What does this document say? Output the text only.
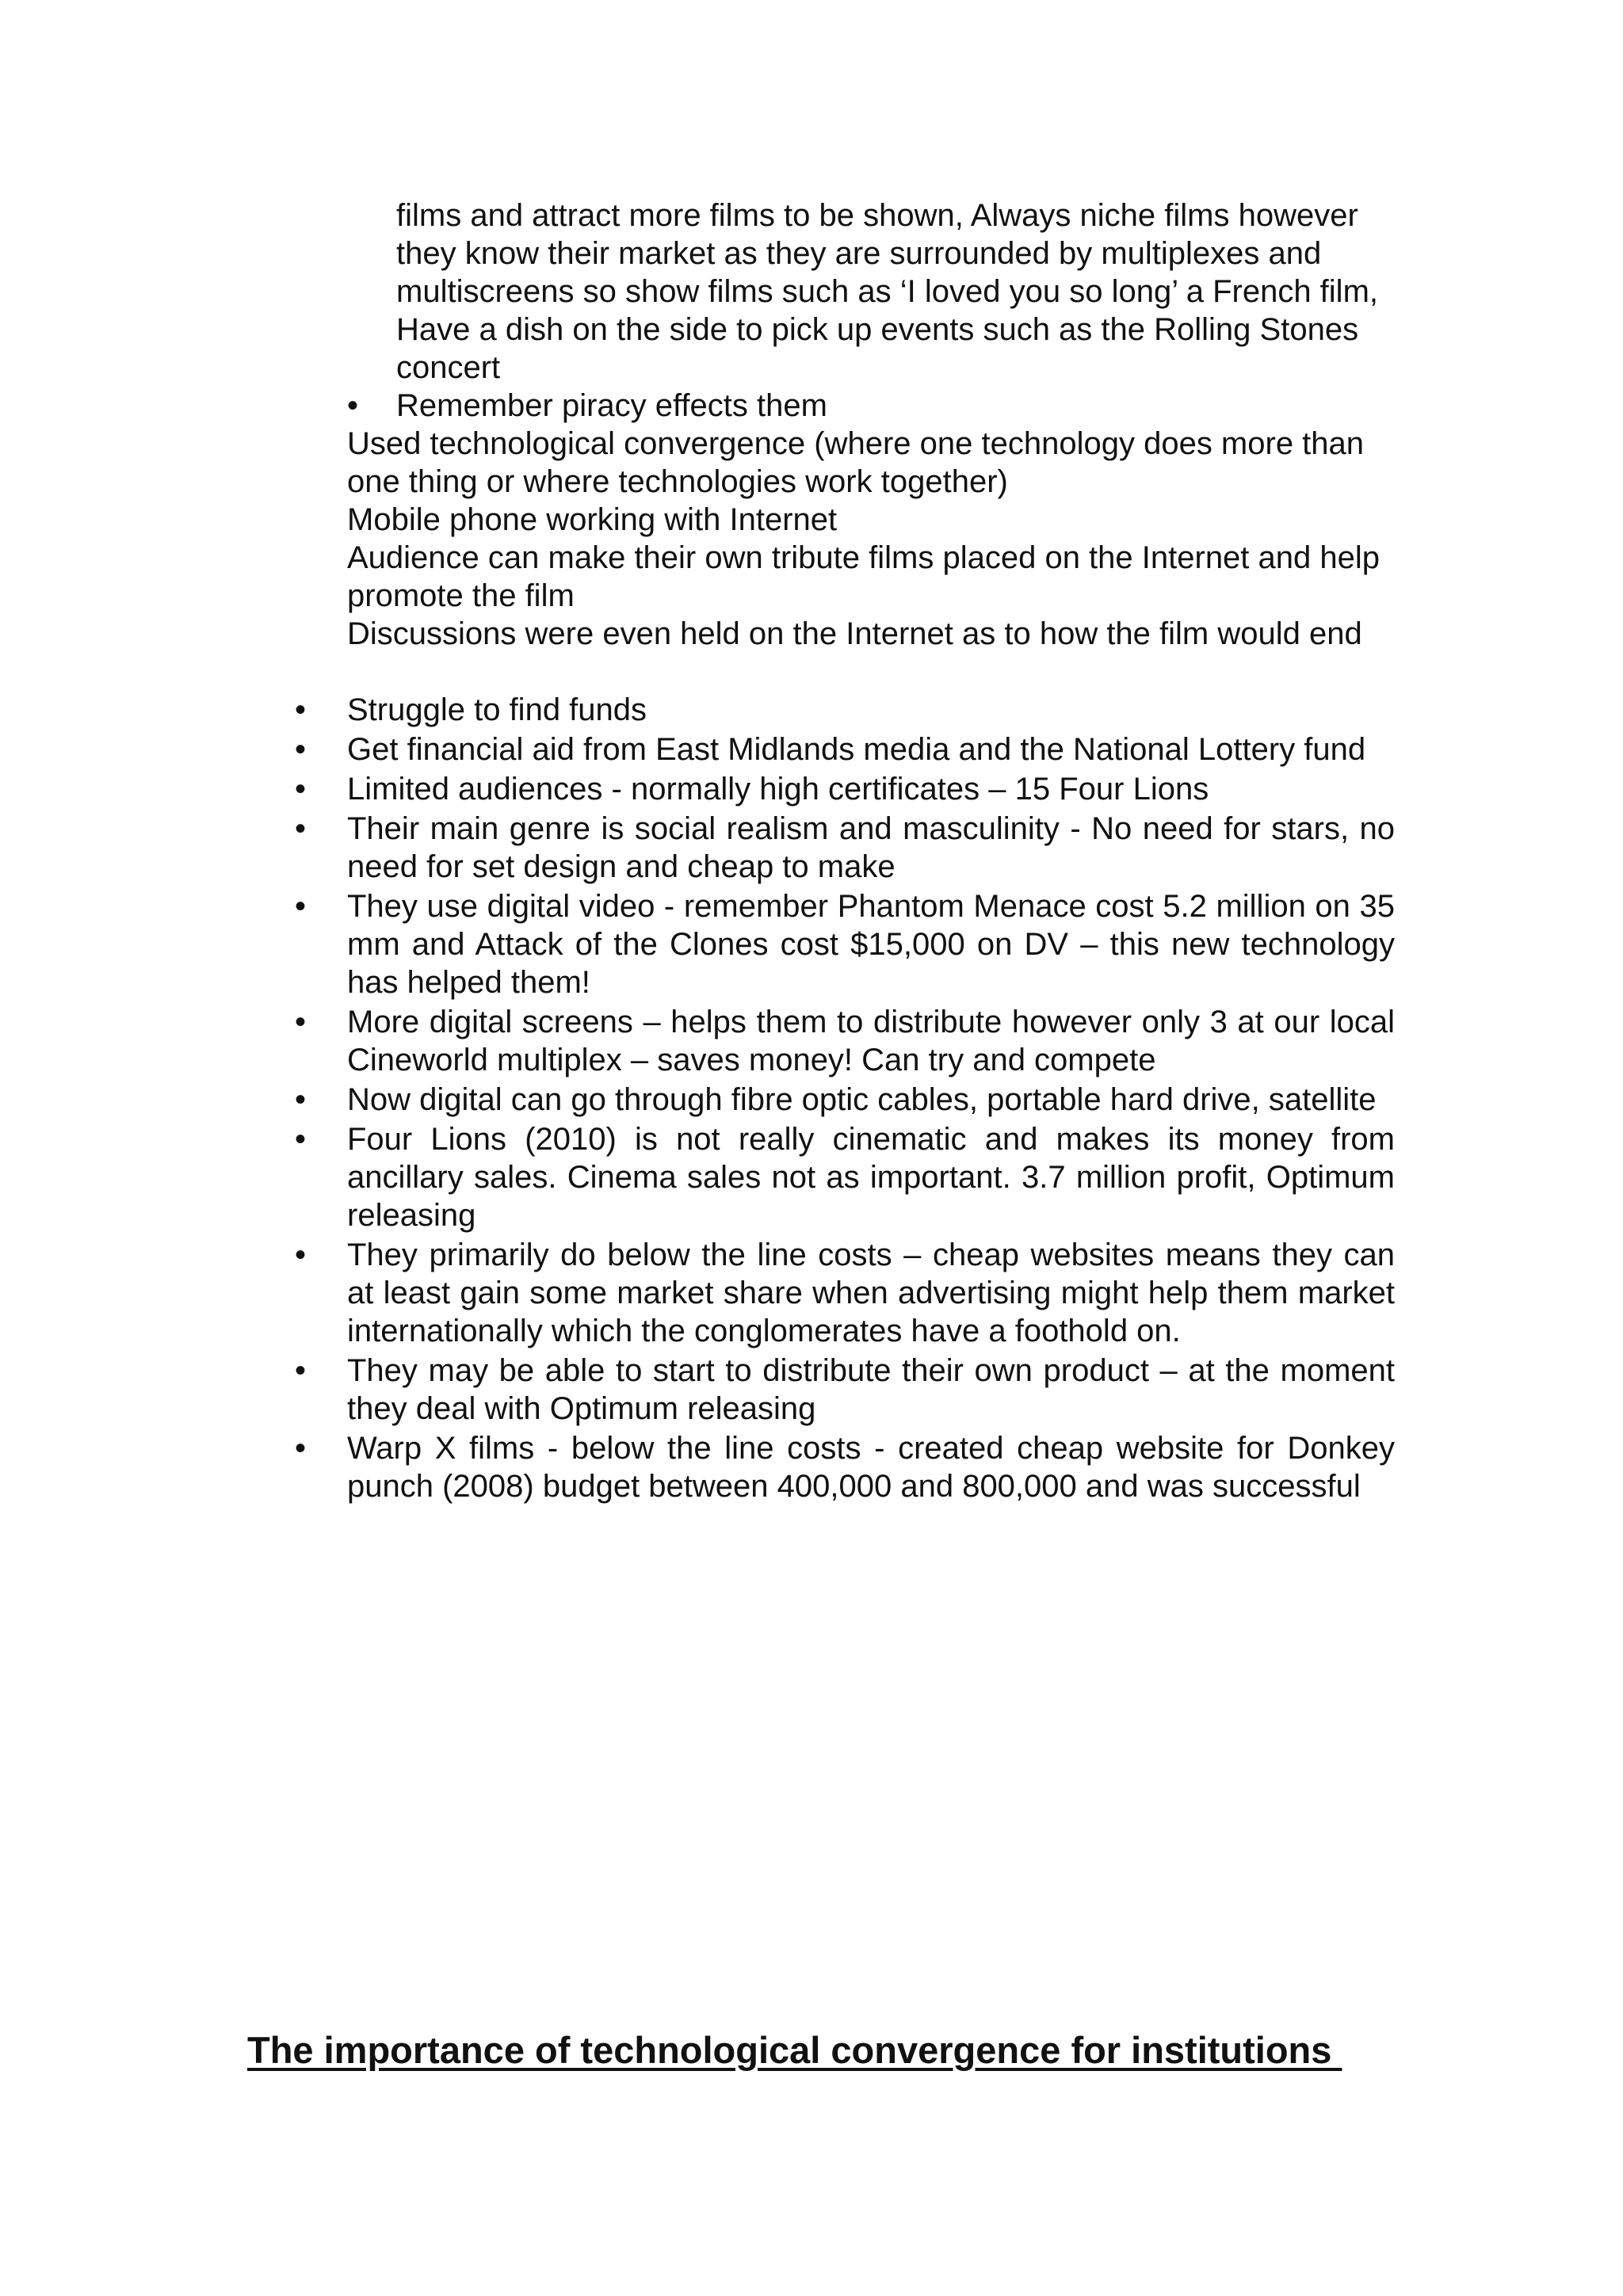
films and attract more films to be shown, Always niche films however they know their market as they are surrounded by multiplexes and multiscreens so show films such as ‘I loved you so long’ a French film, Have a dish on the side to pick up events such as the Rolling Stones concert

•	Remember piracy effects them

Used technological convergence (where one technology does more than one thing or where technologies work together)

Mobile phone working with Internet

Audience can make their own tribute films placed on the Internet and help promote the film

Discussions were even held on the Internet as to how the film would end

•	Struggle to find funds
•	Get financial aid from East Midlands media and the National Lottery fund
•	Limited audiences - normally high certificates – 15 Four Lions
•	Their main genre is social realism and masculinity - No need for stars, no need for set design and cheap to make
•	They use digital video - remember Phantom Menace cost 5.2 million on 35 mm and Attack of the Clones cost $15,000 on DV – this new technology has helped them!
•	More digital screens – helps them to distribute however only 3 at our local Cineworld multiplex – saves money! Can try and compete
•	Now digital can go through fibre optic cables, portable hard drive, satellite
•	Four Lions (2010) is not really cinematic and makes its money from ancillary sales. Cinema sales not as important. 3.7 million profit, Optimum releasing
•	They primarily do below the line costs – cheap websites means they can at least gain some market share when advertising might help them market internationally which the conglomerates have a foothold on.
•	They may be able to start to distribute their own product – at the moment they deal with Optimum releasing
•	Warp X films - below the line costs - created cheap website for Donkey punch (2008) budget between 400,000 and 800,000 and was successful
The importance of technological convergence for institutions
